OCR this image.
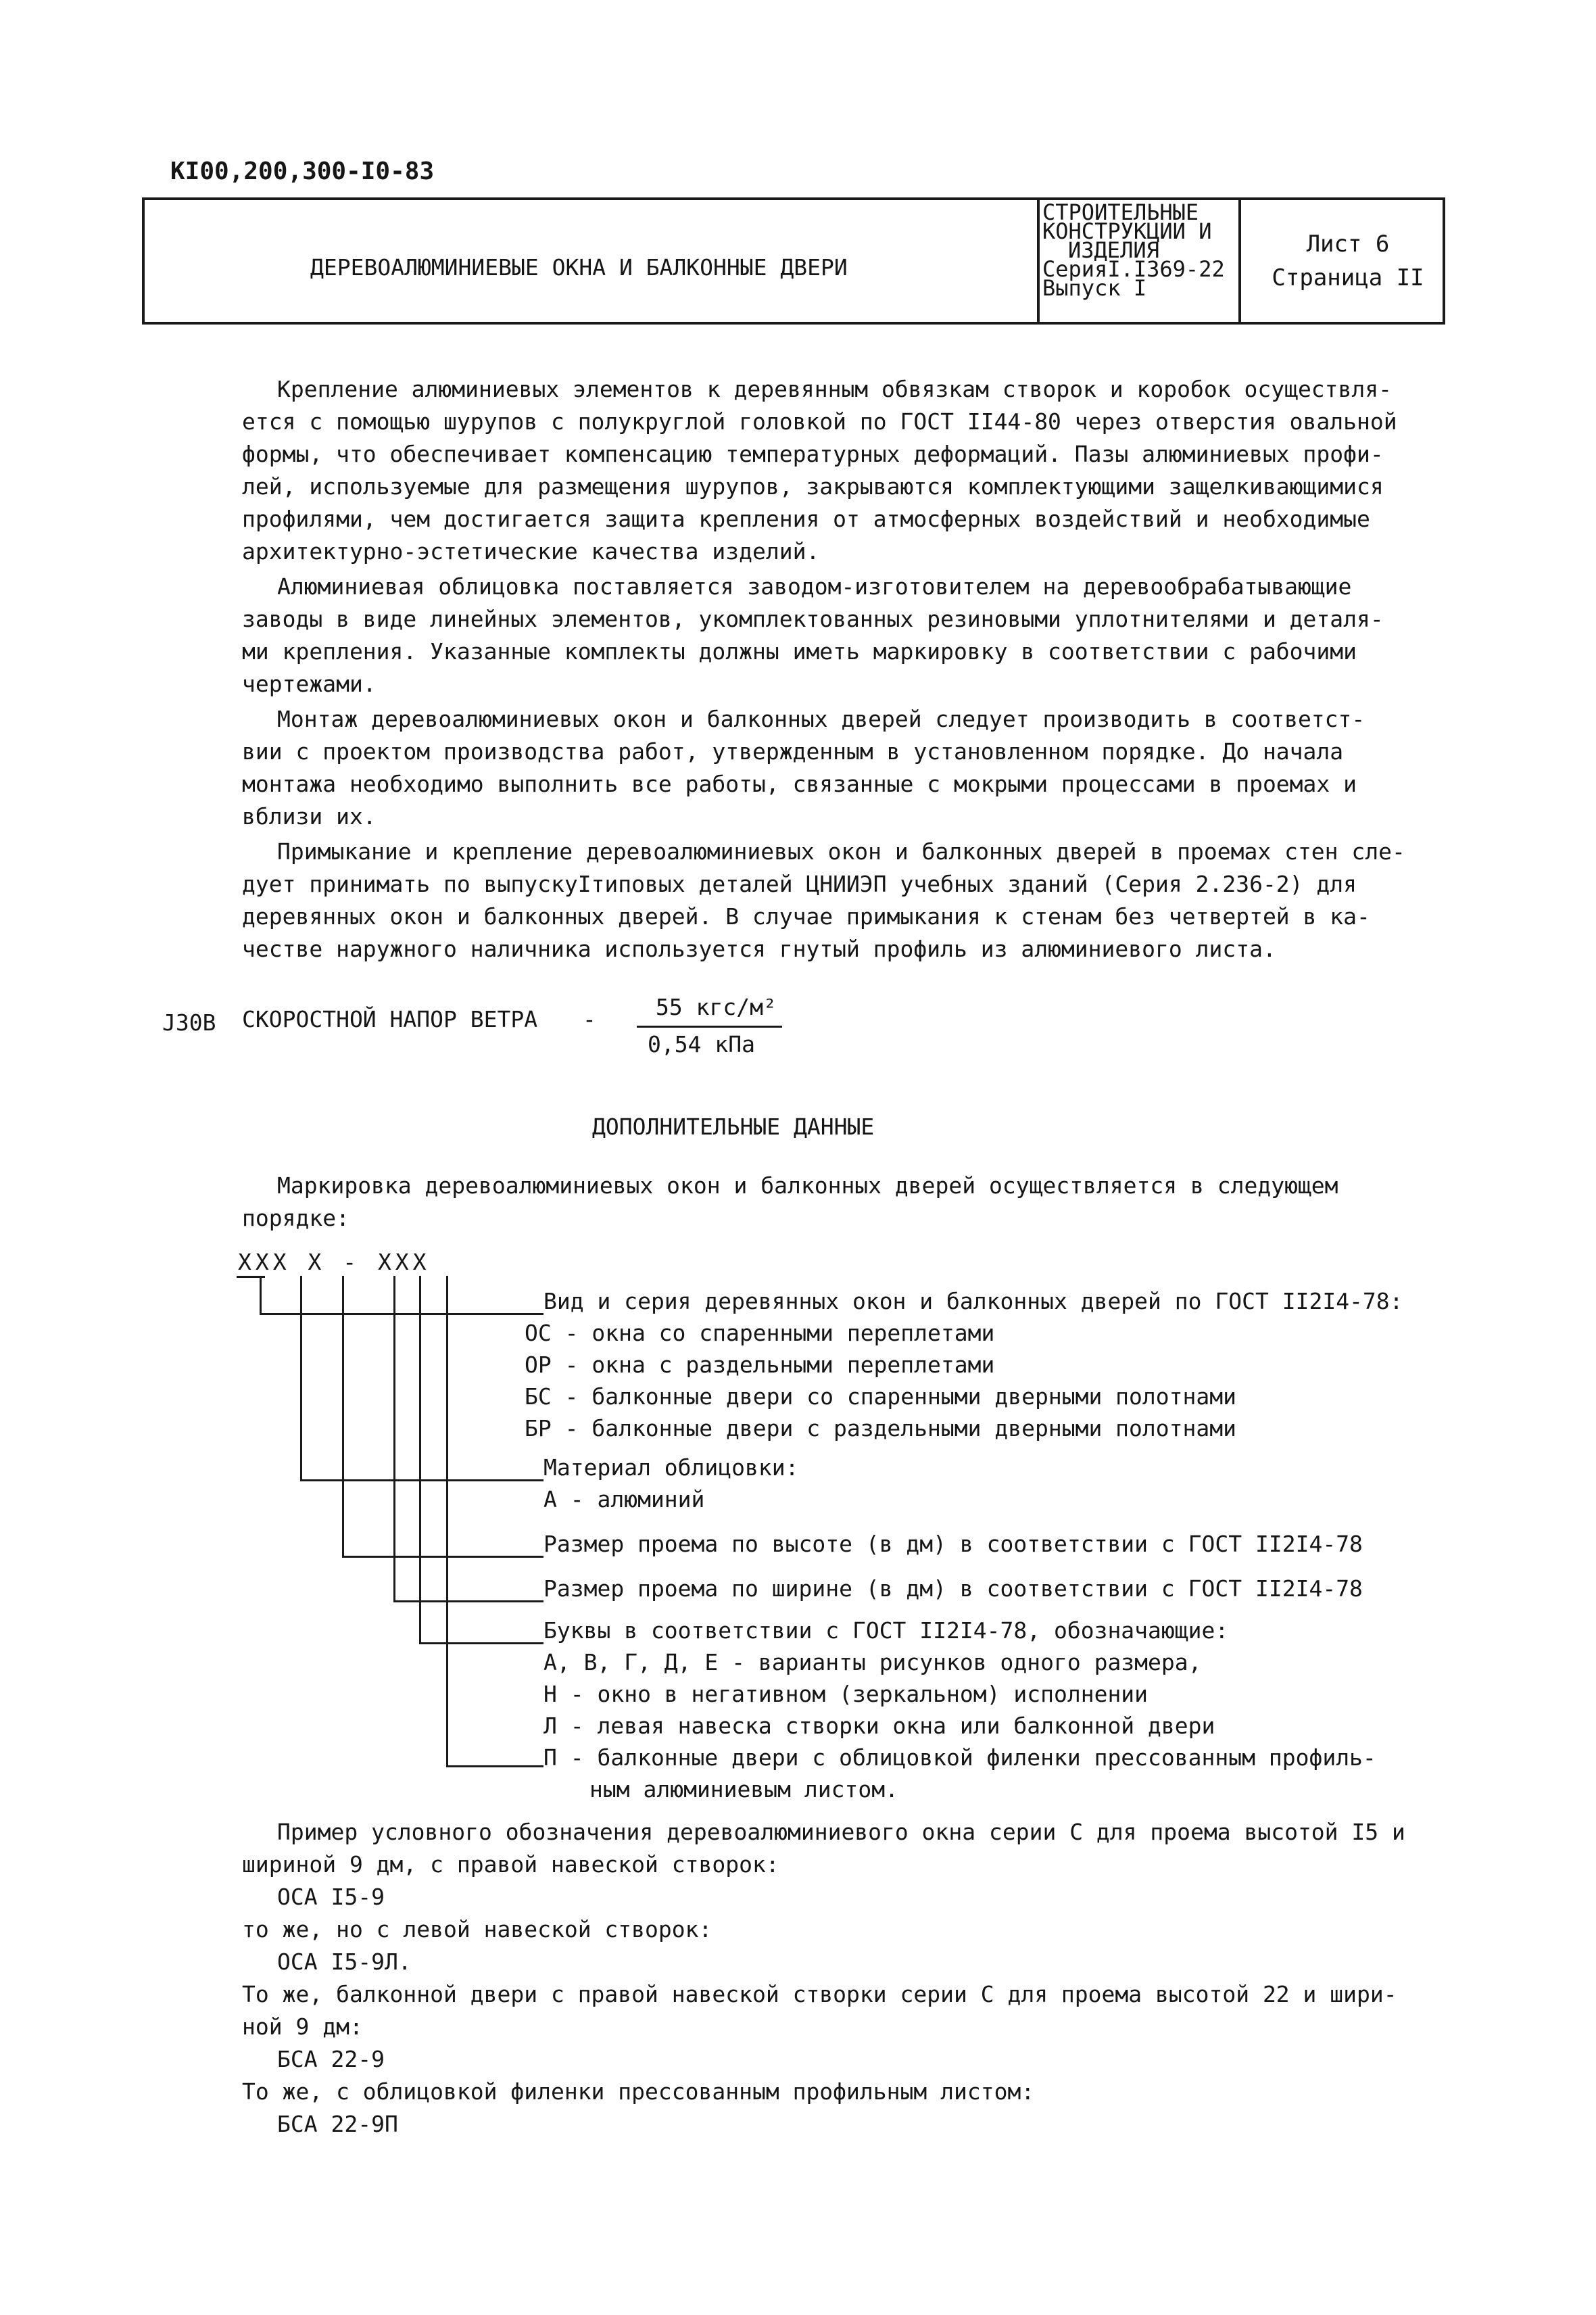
КI00,200,300-I0-83
ДЕРЕВОАЛЮМИНИЕВЫЕ ОКНА И БАЛКОННЫЕ ДВЕРИ
СТРОИТЕЛЬНЫЕ
КОНСТРУКЦИИ И
ИЗДЕЛИЯ
СерияI.I369-22
Выпуск I
Лист 6
Страница II
Крепление алюминиевых элементов к деревянным обвязкам створок и коробок осуществля-
ется с помощью шурупов с полукруглой головкой по ГОСТ II44-80 через отверстия овальной
формы, что обеспечивает компенсацию температурных деформаций. Пазы алюминиевых профи-
лей, используемые для размещения шурупов, закрываются комплектующими защелкивающимися
профилями, чем достигается защита крепления от атмосферных воздействий и необходимые
архитектурно-эстетические качества изделий.
Алюминиевая облицовка поставляется заводом-изготовителем на деревообрабатывающие
заводы в виде линейных элементов, укомплектованных резиновыми уплотнителями и деталя-
ми крепления. Указанные комплекты должны иметь маркировку в соответствии с рабочими
чертежами.
Монтаж деревоалюминиевых окон и балконных дверей следует производить в соответст-
вии с проектом производства работ, утвержденным в установленном порядке. До начала
монтажа необходимо выполнить все работы, связанные с мокрыми процессами в проемах и
вблизи их.
Примыкание и крепление деревоалюминиевых окон и балконных дверей в проемах стен сле-
дует принимать по выпускуIтиповых деталей ЦНИИЭП учебных зданий (Серия 2.236-2) для
деревянных окон и балконных дверей. В случае примыкания к стенам без четвертей в ка-
честве наружного наличника используется гнутый профиль из алюминиевого листа.
J30B СКОРОСТНОЙ НАПОР ВЕТРА -	55 кгс/м²
0,54 кПа
ДОПОЛНИТЕЛЬНЫЕ ДАННЫЕ
Маркировка деревоалюминиевых окон и балконных дверей осуществляется в следующем
порядке:
ХХХ Х - ХХХ
Вид и серия деревянных окон и балконных дверей по ГОСТ II2I4-78:
ОС - окна со спаренными переплетами
ОР - окна с раздельными переплетами
БС - балконные двери со спаренными дверными полотнами
БР - балконные двери с раздельными дверными полотнами
Материал облицовки:
А - алюминий
Размер проема по высоте (в дм) в соответствии с ГОСТ II2I4-78
Размер проема по ширине (в дм) в соответствии с ГОСТ II2I4-78
Буквы в соответствии с ГОСТ II2I4-78, обозначающие:
А, В, Г, Д, Е - варианты рисунков одного размера,
Н - окно в негативном (зеркальном) исполнении
Л - левая навеска створки окна или балконной двери
П - балконные двери с облицовкой филенки прессованным профиль-
ным алюминиевым листом.
Пример условного обозначения деревоалюминиевого окна серии С для проема высотой I5 и
шириной 9 дм, с правой навеской створок:
ОСА I5-9
то же, но с левой навеской створок:
ОСА I5-9Л.
То же, балконной двери с правой навеской створки серии С для проема высотой 22 и шири-
ной 9 дм:
БСА 22-9
То же, с облицовкой филенки прессованным профильным листом:
БСА 22-9П
